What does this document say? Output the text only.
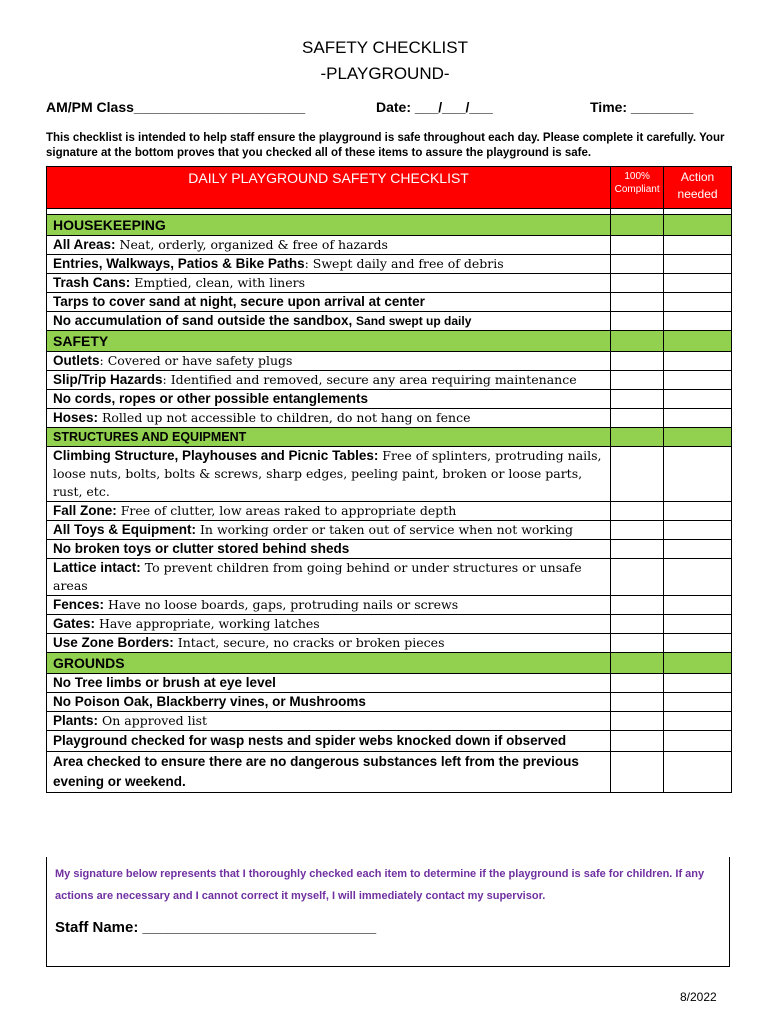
SAFETY CHECKLIST
-PLAYGROUND-
AM/PM Class______________________	Date: ___/___/___	Time: ________
This checklist is intended to help staff ensure the playground is safe throughout each day. Please complete it carefully. Your signature at the bottom proves that you checked all of these items to assure the playground is safe.
DAILY PLAYGROUND SAFETY CHECKLIST	100% Compliant	Action needed

HOUSEKEEPING		
All Areas: Neat, orderly, organized & free of hazards		
Entries, Walkways, Patios & Bike Paths: Swept daily and free of debris		
Trash Cans: Emptied, clean, with liners		
Tarps to cover sand at night, secure upon arrival at center		
No accumulation of sand outside the sandbox, Sand swept up daily		
SAFETY		
Outlets: Covered or have safety plugs		
Slip/Trip Hazards: Identified and removed, secure any area requiring maintenance		
No cords, ropes or other possible entanglements		
Hoses: Rolled up not accessible to children, do not hang on fence		
STRUCTURES AND EQUIPMENT		
Climbing Structure, Playhouses and Picnic Tables: Free of splinters, protruding nails, loose nuts, bolts, bolts & screws, sharp edges, peeling paint, broken or loose parts, rust, etc.		
Fall Zone: Free of clutter, low areas raked to appropriate depth		
All Toys & Equipment: In working order or taken out of service when not working		
No broken toys or clutter stored behind sheds		
Lattice intact: To prevent children from going behind or under structures or unsafe areas		
Fences: Have no loose boards, gaps, protruding nails or screws		
Gates: Have appropriate, working latches		
Use Zone Borders: Intact, secure, no cracks or broken pieces		
GROUNDS		
No Tree limbs or brush at eye level		
No Poison Oak, Blackberry vines, or Mushrooms		
Plants: On approved list		
Playground checked for wasp nests and spider webs knocked down if observed		
Area checked to ensure there are no dangerous substances left from the previous evening or weekend.		
My signature below represents that I thoroughly checked each item to determine if the playground is safe for children. If any actions are necessary and I cannot correct it myself, I will immediately contact my supervisor.
Staff Name: ____________________________
8/2022
